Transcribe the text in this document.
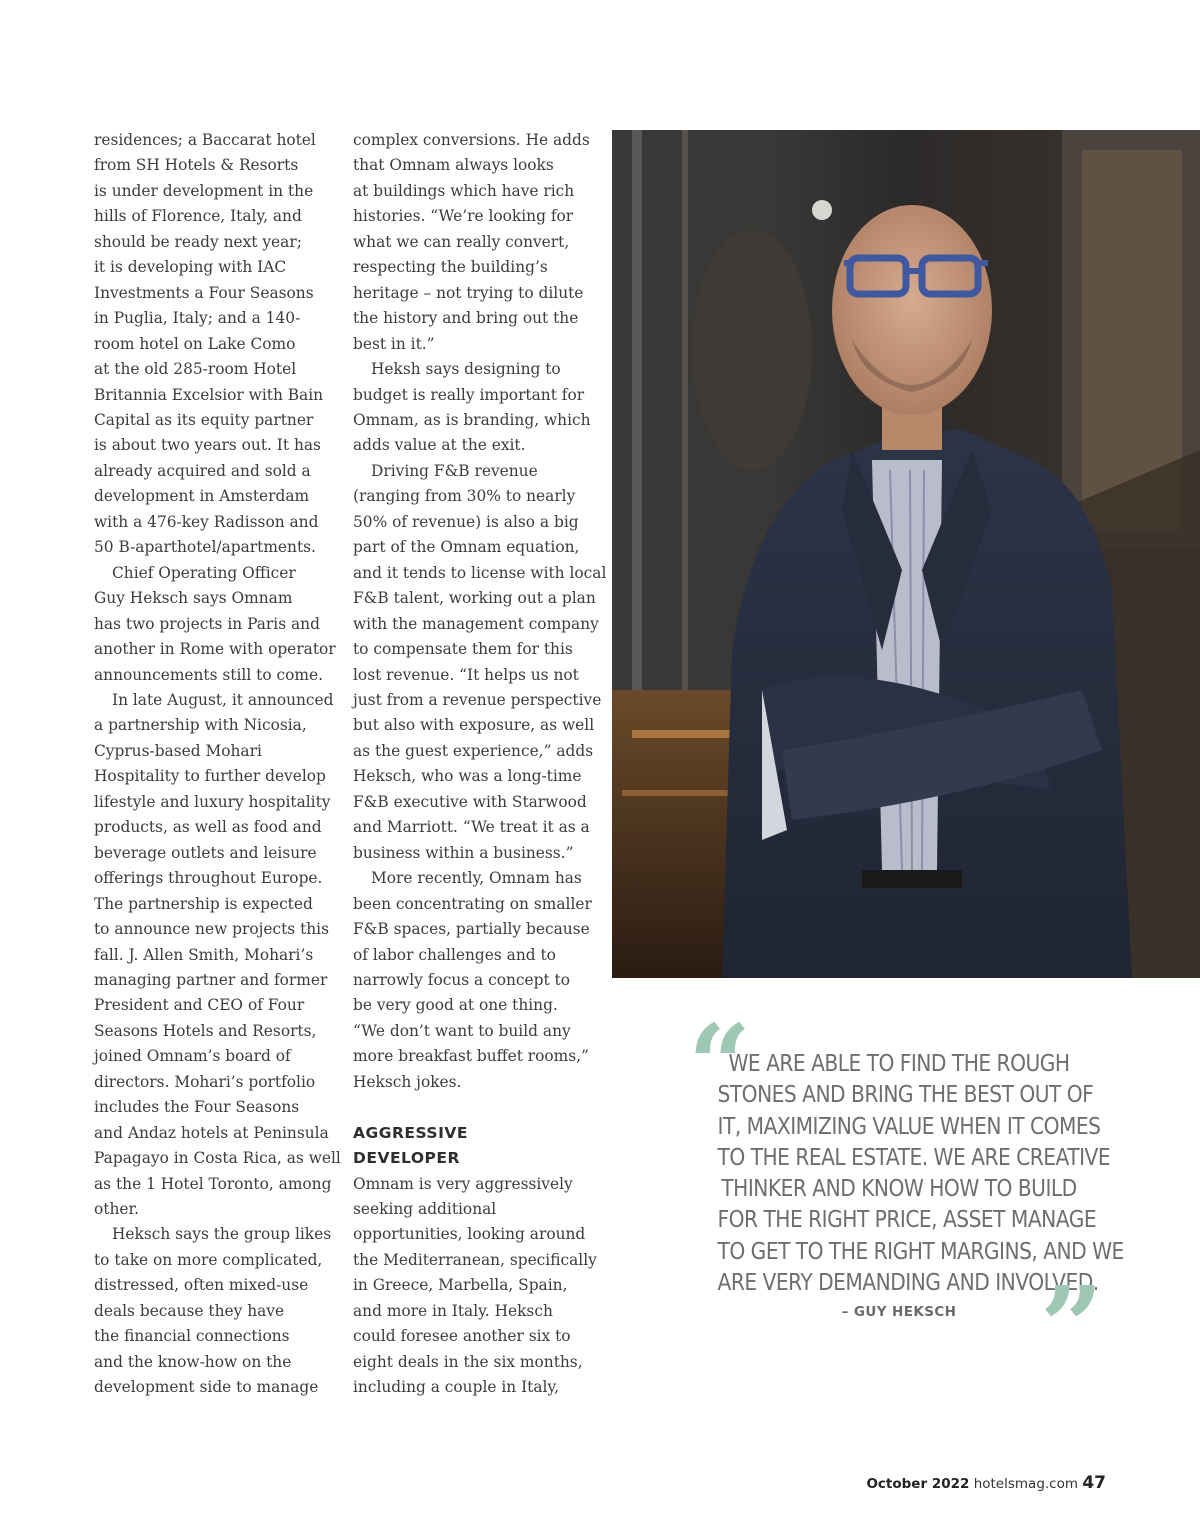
residences; a Baccarat hotel
from SH Hotels & Resorts
is under development in the
hills of Florence, Italy, and
should be ready next year;
it is developing with IAC
Investments a Four Seasons
in Puglia, Italy; and a 140-
room hotel on Lake Como
at the old 285-room Hotel
Britannia Excelsior with Bain
Capital as its equity partner
is about two years out. It has
already acquired and sold a
development in Amsterdam
with a 476-key Radisson and
50 B-aparthotel/apartments.

Chief Operating Officer
Guy Heksch says Omnam
has two projects in Paris and
another in Rome with operator
announcements still to come.

In late August, it announced
a partnership with Nicosia,
Cyprus-based Mohari
Hospitality to further develop
lifestyle and luxury hospitality
products, as well as food and
beverage outlets and leisure
offerings throughout Europe.
The partnership is expected
to announce new projects this
fall. J. Allen Smith, Mohari’s
managing partner and former
President and CEO of Four
Seasons Hotels and Resorts,
joined Omnam’s board of
directors. Mohari’s portfolio
includes the Four Seasons
and Andaz hotels at Peninsula
Papagayo in Costa Rica, as well
as the 1 Hotel Toronto, among
other.

Heksch says the group likes
to take on more complicated,
distressed, often mixed-use
deals because they have
the financial connections
and the know-how on the
development side to manage

complex conversions. He adds
that Omnam always looks
at buildings which have rich
histories. “We’re looking for
what we can really convert,
respecting the building’s
heritage – not trying to dilute
the history and bring out the
best in it.”

Heksh says designing to
budget is really important for
Omnam, as is branding, which
adds value at the exit.

Driving F&B revenue
(ranging from 30% to nearly
50% of revenue) is also a big
part of the Omnam equation,
and it tends to license with local
F&B talent, working out a plan
with the management company
to compensate them for this
lost revenue. “It helps us not
just from a revenue perspective
but also with exposure, as well
as the guest experience,” adds
Heksch, who was a long-time
F&B executive with Starwood
and Marriott. “We treat it as a
business within a business.”

More recently, Omnam has
been concentrating on smaller
F&B spaces, partially because
of labor challenges and to
narrowly focus a concept to
be very good at one thing.
“We don’t want to build any
more breakfast buffet rooms,”
Heksch jokes.

AGGRESSIVE
DEVELOPER

Omnam is very aggressively
seeking additional
opportunities, looking around
the Mediterranean, specifically
in Greece, Marbella, Spain,
and more in Italy. Heksch
could foresee another six to
eight deals in the six months,
including a couple in Italy,

“
WE ARE ABLE TO FIND THE ROUGH
STONES AND BRING THE BEST OUT OF
IT, MAXIMIZING VALUE WHEN IT COMES
TO THE REAL ESTATE. WE ARE CREATIVE
THINKER AND KNOW HOW TO BUILD
FOR THE RIGHT PRICE, ASSET MANAGE
TO GET TO THE RIGHT MARGINS, AND WE
ARE VERY DEMANDING AND INVOLVED.
”
– GUY HEKSCH
October 2022 hotelsmag.com 47
